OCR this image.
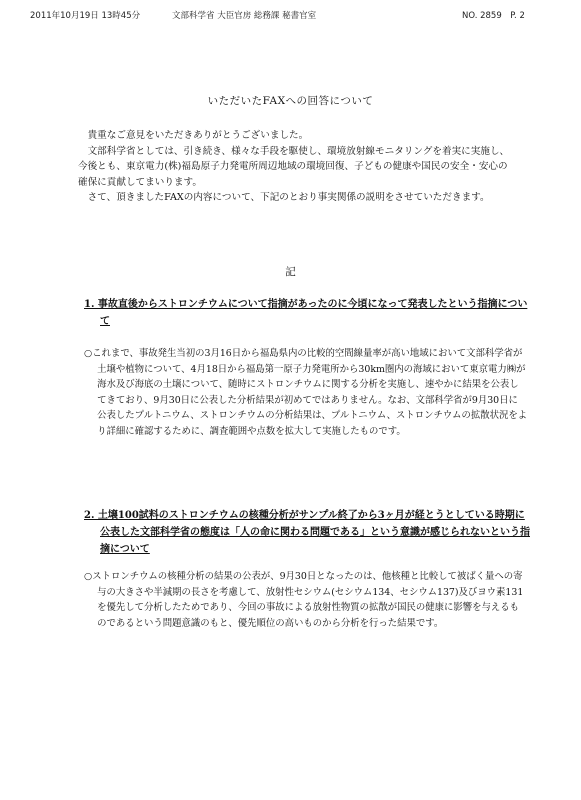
2011年10月19日 13時45分	文部科学省 大臣官房 総務課 秘書官室	NO. 2859　P. 2
いただいたFAXへの回答について

貴重なご意見をいただきありがとうございました。

文部科学省としては、引き続き、様々な手段を駆使し、環境放射線モニタリングを着実に実施し、今後とも、東京電力(株)福島原子力発電所周辺地域の環境回復、子どもの健康や国民の安全・安心の確保に貢献してまいります。

さて、頂きましたFAXの内容について、下記のとおり事実関係の説明をさせていただきます。

記
1. 事故直後からストロンチウムについて指摘があったのに今頃になって発表したという指摘について
○これまで、事故発生当初の3月16日から福島県内の比較的空間線量率が高い地域において文部科学省が土壌や植物について、4月18日から福島第一原子力発電所から30km圏内の海域において東京電力㈱が海水及び海底の土壌について、随時にストロンチウムに関する分析を実施し、速やかに結果を公表してきており、9月30日に公表した分析結果が初めてではありません。なお、文部科学省が9月30日に公表したプルトニウム、ストロンチウムの分析結果は、プルトニウム、ストロンチウムの拡散状況をより詳細に確認するために、調査範囲や点数を拡大して実施したものです。
2. 土壌100試料のストロンチウムの核種分析がサンプル終了から3ヶ月が経とうとしている時期に公表した文部科学省の態度は「人の命に関わる問題である」という意識が感じられないという指摘について
○ストロンチウムの核種分析の結果の公表が、9月30日となったのは、他核種と比較して被ばく量への寄与の大きさや半減期の長さを考慮して、放射性セシウム(セシウム134、セシウム137)及びヨウ素131を優先して分析したためであり、今回の事故による放射性物質の拡散が国民の健康に影響を与えるものであるという問題意識のもと、優先順位の高いものから分析を行った結果です。
